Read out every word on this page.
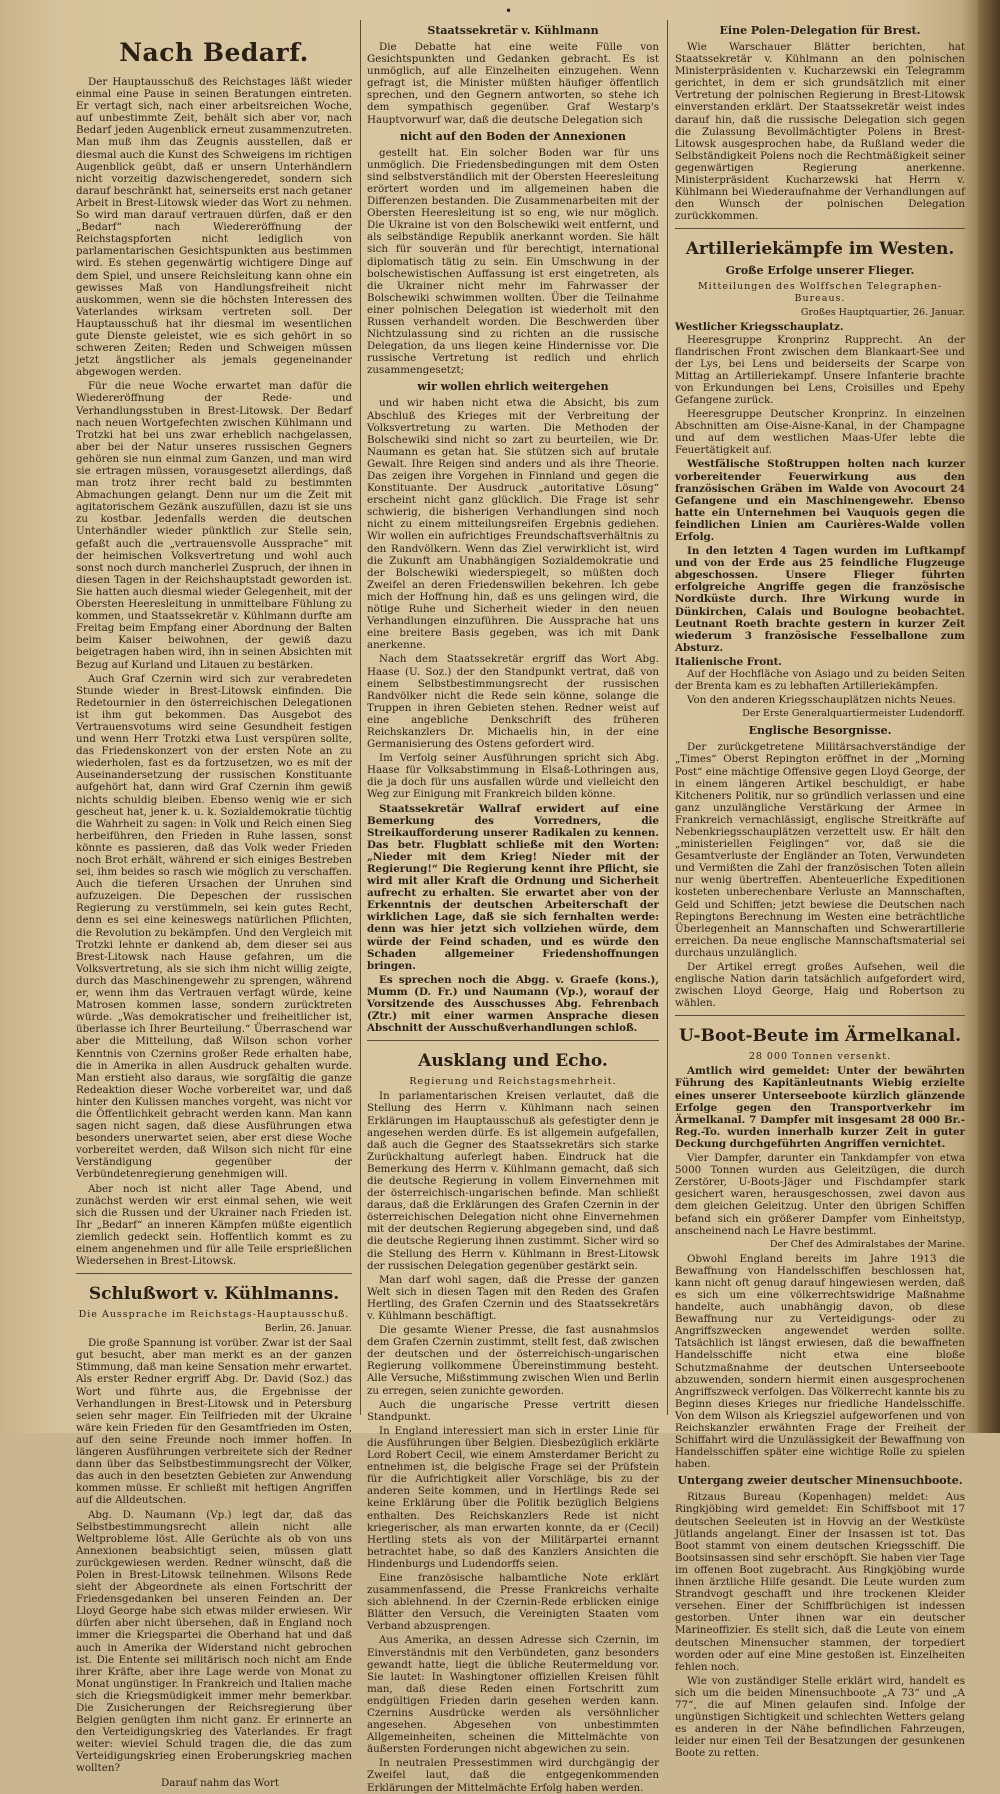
•
Nach Bedarf.

Der Hauptausschuß des Reichstages läßt wieder einmal eine Pause in seinen Beratungen eintreten. Er vertagt sich, nach einer arbeitsreichen Woche, auf unbestimmte Zeit, behält sich aber vor, nach Bedarf jeden Augenblick erneut zusammenzutreten. Man muß ihm das Zeugnis ausstellen, daß er diesmal auch die Kunst des Schweigens im richtigen Augenblick geübt, daß er unsern Unterhändlern nicht vorzeitig dazwischengeredet, sondern sich darauf beschränkt hat, seinerseits erst nach getaner Arbeit in Brest-Litowsk wieder das Wort zu nehmen. So wird man darauf vertrauen dürfen, daß er den „Bedarf“ nach Wiedereröffnung der Reichstagspforten nicht lediglich von parlamentarischen Gesichtspunkten aus bestimmen wird. Es stehen gegenwärtig wichtigere Dinge auf dem Spiel, und unsere Reichsleitung kann ohne ein gewisses Maß von Handlungsfreiheit nicht auskommen, wenn sie die höchsten Interessen des Vaterlandes wirksam vertreten soll. Der Hauptausschuß hat ihr diesmal im wesentlichen gute Dienste geleistet, wie es sich gehört in so schweren Zeiten; Reden und Schweigen müssen jetzt ängstlicher als jemals gegeneinander abgewogen werden.

Für die neue Woche erwartet man dafür die Wiedereröffnung der Rede- und Verhandlungsstuben in Brest-Litowsk. Der Bedarf nach neuen Wortgefechten zwischen Kühlmann und Trotzki hat bei uns zwar erheblich nachgelassen, aber bei der Natur unseres russischen Gegners gehören sie nun einmal zum Ganzen, und man wird sie ertragen müssen, vorausgesetzt allerdings, daß man trotz ihrer recht bald zu bestimmten Abmachungen gelangt. Denn nur um die Zeit mit agitatorischem Gezänk auszufüllen, dazu ist sie uns zu kostbar. Jedenfalls werden die deutschen Unterhändler wieder pünktlich zur Stelle sein, gefaßt auch die „vertrauensvolle Aussprache“ mit der heimischen Volksvertretung und wohl auch sonst noch durch mancherlei Zuspruch, der ihnen in diesen Tagen in der Reichshauptstadt geworden ist. Sie hatten auch diesmal wieder Gelegenheit, mit der Obersten Heeresleitung in unmittelbare Fühlung zu kommen, und Staatssekretär v. Kühlmann durfte am Freitag beim Empfang einer Abordnung der Balten beim Kaiser beiwohnen, der gewiß dazu beigetragen haben wird, ihn in seinen Absichten mit Bezug auf Kurland und Litauen zu bestärken.

Auch Graf Czernin wird sich zur verabredeten Stunde wieder in Brest-Litowsk einfinden. Die Redetournier in den österreichischen Delegationen ist ihm gut bekommen. Das Ausgebot des Vertrauensvotums wird seine Gesundheit festigen und wenn Herr Trotzki etwa Lust verspüren sollte, das Friedenskonzert von der ersten Note an zu wiederholen, fast es da fortzusetzen, wo es mit der Auseinandersetzung der russischen Konstituante aufgehört hat, dann wird Graf Czernin ihm gewiß nichts schuldig bleiben. Ebenso wenig wie er sich gescheut hat, jener k. u. k. Sozialdemokratie tüchtig die Wahrheit zu sagen: in Volk und Reich einen Sieg herbeiführen, den Frieden in Ruhe lassen, sonst könnte es passieren, daß das Volk weder Frieden noch Brot erhält, während er sich einiges Bestreben sei, ihm beides so rasch wie möglich zu verschaffen. Auch die tieferen Ursachen der Unruhen sind aufzuzeigen. Die Depeschen der russischen Regierung zu verstümmeln, sei kein gutes Recht, denn es sei eine keineswegs natürlichen Pflichten, die Revolution zu bekämpfen. Und den Vergleich mit Trotzki lehnte er dankend ab, dem dieser sei aus Brest-Litowsk nach Hause gefahren, um die Volksvertretung, als sie sich ihm nicht willig zeigte, durch das Maschinengewehr zu sprengen, während er, wenn ihm das Vertrauen verfagt würde, keine Matrosen kommen lasse, sondern zurücktreten würde. „Was demokratischer und freiheitlicher ist, überlasse ich Ihrer Beurteilung.“ Überraschend war aber die Mitteilung, daß Wilson schon vorher Kenntnis von Czernins großer Rede erhalten habe, die in Amerika in allen Ausdruck gehalten wurde. Man erstieht also daraus, wie sorgfältig die ganze Redeaktion dieser Woche vorbereitet war, und daß hinter den Kulissen manches vorgeht, was nicht vor die Öffentlichkeit gebracht werden kann. Man kann sagen nicht sagen, daß diese Ausführungen etwa besonders unerwartet seien, aber erst diese Woche vorbereitet werden, daß Wilson sich nicht für eine Verständigung gegenüber der Verbündetenregierung genehmigen will.

Aber noch ist nicht aller Tage Abend, und zunächst werden wir erst einmal sehen, wie weit sich die Russen und der Ukrainer nach Frieden ist. Ihr „Bedarf“ an inneren Kämpfen müßte eigentlich ziemlich gedeckt sein. Hoffentlich kommt es zu einem angenehmen und für alle Teile ersprießlichen Wiedersehen in Brest-Litowsk.

Schlußwort v. Kühlmanns.
Die Aussprache im Reichstags-Hauptausschuß.
Berlin, 26. Januar.

Die große Spannung ist vorüber. Zwar ist der Saal gut besucht, aber man merkt es an der ganzen Stimmung, daß man keine Sensation mehr erwartet. Als erster Redner ergriff Abg. Dr. David (Soz.) das Wort und führte aus, die Ergebnisse der Verhandlungen in Brest-Litowsk und in Petersburg seien sehr mager. Ein Teilfrieden mit der Ukraine wäre kein Frieden für den Gesamtfrieden im Osten, auf den seine Freunde noch immer hoffen. In längeren Ausführungen verbreitete sich der Redner dann über das Selbstbestimmungsrecht der Völker, das auch in den besetzten Gebieten zur Anwendung kommen müsse. Er schließt mit heftigen Angriffen auf die Alldeutschen.

Abg. D. Naumann (Vp.) legt dar, daß das Selbstbestimmungsrecht allein nicht alle Weltprobleme löst. Alle Gerüchte als ob von uns Annexionen beabsichtigt seien, müssen glatt zurückgewiesen werden. Redner wünscht, daß die Polen in Brest-Litowsk teilnehmen. Wilsons Rede sieht der Abgeordnete als einen Fortschritt der Friedensgedanken bei unseren Feinden an. Der Lloyd George habe sich etwas milder erwiesen. Wir dürfen aber nicht übersehen, daß in England noch immer die Kriegspartei die Oberhand hat und daß auch in Amerika der Widerstand nicht gebrochen ist. Die Entente sei militärisch noch nicht am Ende ihrer Kräfte, aber ihre Lage werde von Monat zu Monat ungünstiger. In Frankreich und Italien mache sich die Kriegsmüdigkeit immer mehr bemerkbar. Die Zusicherungen der Reichsregierung über Belgien genügten ihm nicht ganz. Er erinnerte an den Verteidigungskrieg des Vaterlandes. Er fragt weiter: wieviel Schuld tragen die, die das zum Verteidigungskrieg einen Eroberungskrieg machen wollten?

Darauf nahm das Wort

Staatssekretär v. Kühlmann

Die Debatte hat eine weite Fülle von Gesichtspunkten und Gedanken gebracht. Es ist unmöglich, auf alle Einzelheiten einzugehen. Wenn gefragt ist, die Minister müßten häufiger öffentlich sprechen, und den Gegnern antworten, so stehe ich dem sympathisch gegenüber. Graf Westarp's Hauptvorwurf war, daß die deutsche Delegation sich

nicht auf den Boden der Annexionen

gestellt hat. Ein solcher Boden war für uns unmöglich. Die Friedensbedingungen mit dem Osten sind selbstverständlich mit der Obersten Heeresleitung erörtert worden und im allgemeinen haben die Differenzen bestanden. Die Zusammenarbeiten mit der Obersten Heeresleitung ist so eng, wie nur möglich. Die Ukraine ist von den Bolschewiki weit entfernt, und als selbständige Republik anerkannt worden. Sie hält sich für souverän und für berechtigt, international diplomatisch tätig zu sein. Ein Umschwung in der bolschewistischen Auffassung ist erst eingetreten, als die Ukrainer nicht mehr im Fahrwasser der Bolschewiki schwimmen wollten. Über die Teilnahme einer polnischen Delegation ist wiederholt mit den Russen verhandelt worden. Die Beschwerden über Nichtzulassung sind zu richten an die russische Delegation, da uns liegen keine Hindernisse vor. Die russische Vertretung ist redlich und ehrlich zusammengesetzt;

wir wollen ehrlich weitergehen

und wir haben nicht etwa die Absicht, bis zum Abschluß des Krieges mit der Verbreitung der Volksvertretung zu warten. Die Methoden der Bolschewiki sind nicht so zart zu beurteilen, wie Dr. Naumann es getan hat. Sie stützen sich auf brutale Gewalt. Ihre Reigen sind anders und als ihre Theorie. Das zeigen ihre Vorgehen in Finnland und gegen die Konstituante. Der Ausdruck „autoritative Lösung“ erscheint nicht ganz glücklich. Die Frage ist sehr schwierig, die bisherigen Verhandlungen sind noch nicht zu einem mitteilungsreifen Ergebnis gediehen. Wir wollen ein aufrichtiges Freundschaftsverhältnis zu den Randvölkern. Wenn das Ziel verwirklicht ist, wird die Zukunft am Unabhängigen Sozialdemokratie und der Bolschewiki wiederspiegelt, so müßten doch Zweifel an deren Friedenswillen bekehren. Ich gebe mich der Hoffnung hin, daß es uns gelingen wird, die nötige Ruhe und Sicherheit wieder in den neuen Verhandlungen einzuführen. Die Aussprache hat uns eine breitere Basis gegeben, was ich mit Dank anerkenne.

Nach dem Staatssekretär ergriff das Wort Abg. Haase (U. Soz.) der den Standpunkt vertrat, daß von einem Selbstbestimmungsrecht der russischen Randvölker nicht die Rede sein könne, solange die Truppen in ihren Gebieten stehen. Redner weist auf eine angebliche Denkschrift des früheren Reichskanzlers Dr. Michaelis hin, in der eine Germanisierung des Ostens gefordert wird.

Im Verfolg seiner Ausführungen spricht sich Abg. Haase für Volksabstimmung in Elsaß-Lothringen aus, die ja doch für uns ausfallen würde und vielleicht den Weg zur Einigung mit Frankreich bilden könne.

Staatssekretär Wallraf erwidert auf eine Bemerkung des Vorredners, die Streikaufforderung unserer Radikalen zu kennen. Das betr. Flugblatt schließe mit den Worten: „Nieder mit dem Krieg! Nieder mit der Regierung!“ Die Regierung kennt ihre Pflicht, sie wird mit aller Kraft die Ordnung und Sicherheit aufrecht zu erhalten. Sie erwartet aber von der Erkenntnis der deutschen Arbeiterschaft der wirklichen Lage, daß sie sich fernhalten werde: denn was hier jetzt sich vollziehen würde, dem würde der Feind schaden, und es würde den Schaden allgemeiner Friedenshoffnungen bringen.

Es sprechen noch die Abgg. v. Graefe (kons.), Mumm (D. Fr.) und Naumann (Vp.), worauf der Vorsitzende des Ausschusses Abg. Fehrenbach (Ztr.) mit einer warmen Ansprache diesen Abschnitt der Ausschußverhandlungen schloß.

Ausklang und Echo.
Regierung und Reichstagsmehrheit.

In parlamentarischen Kreisen verlautet, daß die Stellung des Herrn v. Kühlmann nach seinen Erklärungen im Hauptausschuß als gefestigter denn je angesehen werden dürfe. Es ist allgemein aufgefallen, daß auch die Gegner des Staatssekretärs sich starke Zurückhaltung auferlegt haben. Eindruck hat die Bemerkung des Herrn v. Kühlmann gemacht, daß sich die deutsche Regierung in vollem Einvernehmen mit der österreichisch-ungarischen befinde. Man schließt daraus, daß die Erklärungen des Grafen Czernin in der österreichischen Delegation nicht ohne Einvernehmen mit der deutschen Regierung abgegeben sind, und daß die deutsche Regierung ihnen zustimmt. Sicher wird so die Stellung des Herrn v. Kühlmann in Brest-Litowsk der russischen Delegation gegenüber gestärkt sein.

Man darf wohl sagen, daß die Presse der ganzen Welt sich in diesen Tagen mit den Reden des Grafen Hertling, des Grafen Czernin und des Staatssekretärs v. Kühlmann beschäftigt.

Die gesamte Wiener Presse, die fast ausnahmslos dem Grafen Czernin zustimmt, stellt fest, daß zwischen der deutschen und der österreichisch-ungarischen Regierung vollkommene Übereinstimmung besteht. Alle Versuche, Mißstimmung zwischen Wien und Berlin zu erregen, seien zunichte geworden.

Auch die ungarische Presse vertritt diesen Standpunkt.

In England interessiert man sich in erster Linie für die Ausführungen über Belgien. Diesbezüglich erklärte Lord Robert Cecil, wie einem Amsterdamer Bericht zu entnehmen ist, die belgische Frage sei der Prüfstein für die Aufrichtigkeit aller Vorschläge, bis zu der anderen Seite kommen, und in Hertlings Rede sei keine Erklärung über die Politik bezüglich Belgiens enthalten. Des Reichskanzlers Rede ist nicht kriegerischer, als man erwarten konnte, da er (Cecil) Hertling stets als von der Militärpartei ernannt betrachtet habe, so daß des Kanzlers Ansichten die Hindenburgs und Ludendorffs seien.

Eine französische halbamtliche Note erklärt zusammenfassend, die Presse Frankreichs verhalte sich ablehnend. In der Czernin-Rede erblicken einige Blätter den Versuch, die Vereinigten Staaten vom Verband abzusprengen.

Aus Amerika, an dessen Adresse sich Czernin, im Einverständnis mit den Verbündeten, ganz besonders gewandt hatte, liegt die übliche Reutermeldung vor. Sie lautet: In Washingtoner offiziellen Kreisen fühlt man, daß diese Reden einen Fortschritt zum endgültigen Frieden darin gesehen werden kann. Czernins Ausdrücke werden als versöhnlicher angesehen. Abgesehen von unbestimmten Allgemeinheiten, scheinen die Mittelmächte von äußersten Forderungen nicht abgewichen zu sein.

In neutralen Pressestimmen wird durchgängig der Zweifel laut, daß die entgegenkommenden Erklärungen der Mittelmächte Erfolg haben werden.

Eine Polen-Delegation für Brest.

Wie Warschauer Blätter berichten, hat Staatssekretär v. Kühlmann an den polnischen Ministerpräsidenten v. Kucharzewski ein Telegramm gerichtet, in dem er sich grundsätzlich mit einer Vertretung der polnischen Regierung in Brest-Litowsk einverstanden erklärt. Der Staatssekretär weist indes darauf hin, daß die russische Delegation sich gegen die Zulassung Bevollmächtigter Polens in Brest-Litowsk ausgesprochen habe, da Rußland weder die Selbständigkeit Polens noch die Rechtmäßigkeit seiner gegenwärtigen Regierung anerkenne. Ministerpräsident Kucharzewski hat Herrn v. Kühlmann bei Wiederaufnahme der Verhandlungen auf den Wunsch der polnischen Delegation zurückkommen.

Artilleriekämpfe im Westen.
Große Erfolge unserer Flieger.
Mitteilungen des Wolffschen Telegraphen-Bureaus.
Großes Hauptquartier, 26. Januar.
Westlicher Kriegsschauplatz.

Heeresgruppe Kronprinz Rupprecht. An der flandrischen Front zwischen dem Blankaart-See und der Lys, bei Lens und beiderseits der Scarpe von Mittag an Artilleriekampf. Unsere Infanterie brachte von Erkundungen bei Lens, Croisilles und Epehy Gefangene zurück.

Heeresgruppe Deutscher Kronprinz. In einzelnen Abschnitten am Oise-Aisne-Kanal, in der Champagne und auf dem westlichen Maas-Ufer lebte die Feuertätigkeit auf.

Westfälische Stoßtruppen holten nach kurzer vorbereitender Feuerwirkung aus den französischen Gräben im Walde von Avocourt 24 Gefangene und ein Maschinengewehr. Ebenso hatte ein Unternehmen bei Vauquois gegen die feindlichen Linien am Caurières-Walde vollen Erfolg.

In den letzten 4 Tagen wurden im Luftkampf und von der Erde aus 25 feindliche Flugzeuge abgeschossen. Unsere Flieger führten erfolgreiche Angriffe gegen die französische Nordküste durch. Ihre Wirkung wurde in Dünkirchen, Calais und Boulogne beobachtet. Leutnant Roeth brachte gestern in kurzer Zeit wiederum 3 französische Fesselballone zum Absturz.

Italienische Front.

Auf der Hochfläche von Asiago und zu beiden Seiten der Brenta kam es zu lebhaften Artilleriekämpfen.

Von den anderen Kriegsschauplätzen nichts Neues.

Der Erste Generalquartiermeister Ludendorff.
Englische Besorgnisse.

Der zurückgetretene Militärsachverständige der „Times“ Oberst Repington eröffnet in der „Morning Post“ eine mächtige Offensive gegen Lloyd George, der in einem längeren Artikel beschuldigt, er habe Kitcheners Politik, nur so gründlich verlassen und eine ganz unzulängliche Verstärkung der Armee in Frankreich vernachlässigt, englische Streitkräfte auf Nebenkriegsschauplätzen verzettelt usw. Er hält den „ministeriellen Feiglingen“ vor, daß sie die Gesamtverluste der Engländer an Toten, Verwundeten und Vermißten die Zahl der französischen Toten allein nur wenig übertreffen. Abenteuerliche Expeditionen kosteten unberechenbare Verluste an Mannschaften, Geld und Schiffen; jetzt bewiese die Deutschen nach Repingtons Berechnung im Westen eine beträchtliche Überlegenheit an Mannschaften und Schwerartillerie erreichen. Da neue englische Mannschaftsmaterial sei durchaus unzulänglich.

Der Artikel erregt großes Aufsehen, weil die englische Nation darin tatsächlich aufgefordert wird, zwischen Lloyd George, Haig und Robertson zu wählen.

U-Boot-Beute im Ärmelkanal.
28 000 Tonnen versenkt.

Amtlich wird gemeldet: Unter der bewährten Führung des Kapitänleutnants Wiebig erzielte eines unserer Unterseeboote kürzlich glänzende Erfolge gegen den Transportverkehr im Ärmelkanal. 7 Dampfer mit insgesamt 28 000 Br.-Reg.-To. wurden innerhalb kurzer Zeit in guter Deckung durchgeführten Angriffen vernichtet.

Vier Dampfer, darunter ein Tankdampfer von etwa 5000 Tonnen wurden aus Geleitzügen, die durch Zerstörer, U-Boots-Jäger und Fischdampfer stark gesichert waren, herausgeschossen, zwei davon aus dem gleichen Geleitzug. Unter den übrigen Schiffen befand sich ein größerer Dampfer vom Einheitstyp, anscheinend nach Le Havre bestimmt.

Der Chef des Admiralstabes der Marine.

Obwohl England bereits im Jahre 1913 die Bewaffnung von Handelsschiffen beschlossen hat, kann nicht oft genug darauf hingewiesen werden, daß es sich um eine völkerrechtswidrige Maßnahme handelte, auch unabhängig davon, ob diese Bewaffnung nur zu Verteidigungs- oder zu Angriffszwecken angewendet werden sollte. Tatsächlich ist längst erwiesen, daß die bewaffneten Handelsschiffe nicht etwa eine bloße Schutzmaßnahme der deutschen Unterseeboote abzuwenden, sondern hiermit einen ausgesprochenen Angriffszweck verfolgen. Das Völkerrecht kannte bis zu Beginn dieses Krieges nur friedliche Handelsschiffe. Von dem Wilson als Kriegsziel aufgeworfenen und von Reichskanzler erwähnten Frage der Freiheit der Schiffahrt wird die Unzulässigkeit der Bewaffnung von Handelsschiffen später eine wichtige Rolle zu spielen haben.

Untergang zweier deutscher Minensuchboote.

Ritzaus Bureau (Kopenhagen) meldet: Aus Ringkjöbing wird gemeldet: Ein Schiffsboot mit 17 deutschen Seeleuten ist in Hovvig an der Westküste Jütlands angelangt. Einer der Insassen ist tot. Das Boot stammt von einem deutschen Kriegsschiff. Die Bootsinsassen sind sehr erschöpft. Sie haben vier Tage im offenen Boot zugebracht. Aus Ringkjöbing wurde ihnen ärztliche Hilfe gesandt. Die Leute wurden zum Strandvogt geschafft und ihre trockenen Kleider versehen. Einer der Schiffbrüchigen ist indessen gestorben. Unter ihnen war ein deutscher Marineoffizier. Es stellt sich, daß die Leute von einem deutschen Minensucher stammen, der torpediert worden oder auf eine Mine gestoßen ist. Einzelheiten fehlen noch.

Wie von zuständiger Stelle erklärt wird, handelt es sich um die beiden Minensuchboote „A 73“ und „A 77“, die auf Minen gelaufen sind. Infolge der ungünstigen Sichtigkeit und schlechten Wetters gelang es anderen in der Nähe befindlichen Fahrzeugen, leider nur einen Teil der Besatzungen der gesunkenen Boote zu retten.
